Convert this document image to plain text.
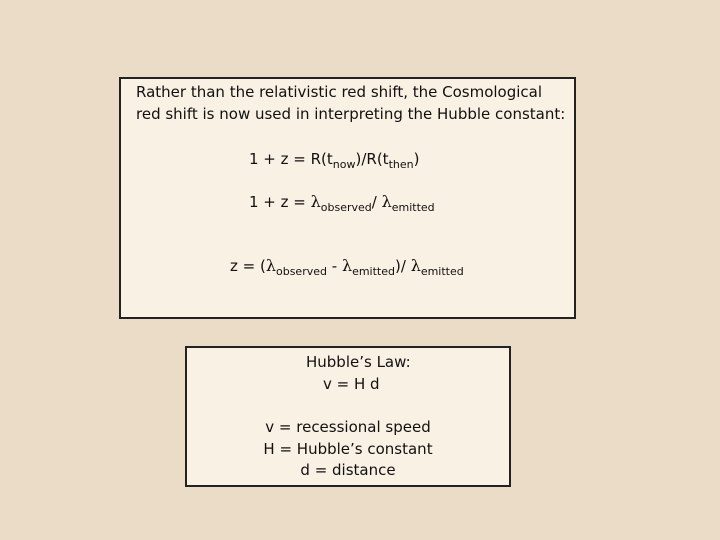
Rather than the relativistic red shift, the Cosmological
red shift is now used in interpreting the Hubble constant:
$1 + z = R(t_{now})/R(t_{then})$
$1 + z = \lambda_{observed}/$ $\lambda_{emitted}$
$z = (\lambda_{observed} - \lambda_{emitted})/$ $\lambda_{emitted}$
Hubble’s Law:
v = H d
v = recessional speed
H = Hubble’s constant
d = distance
